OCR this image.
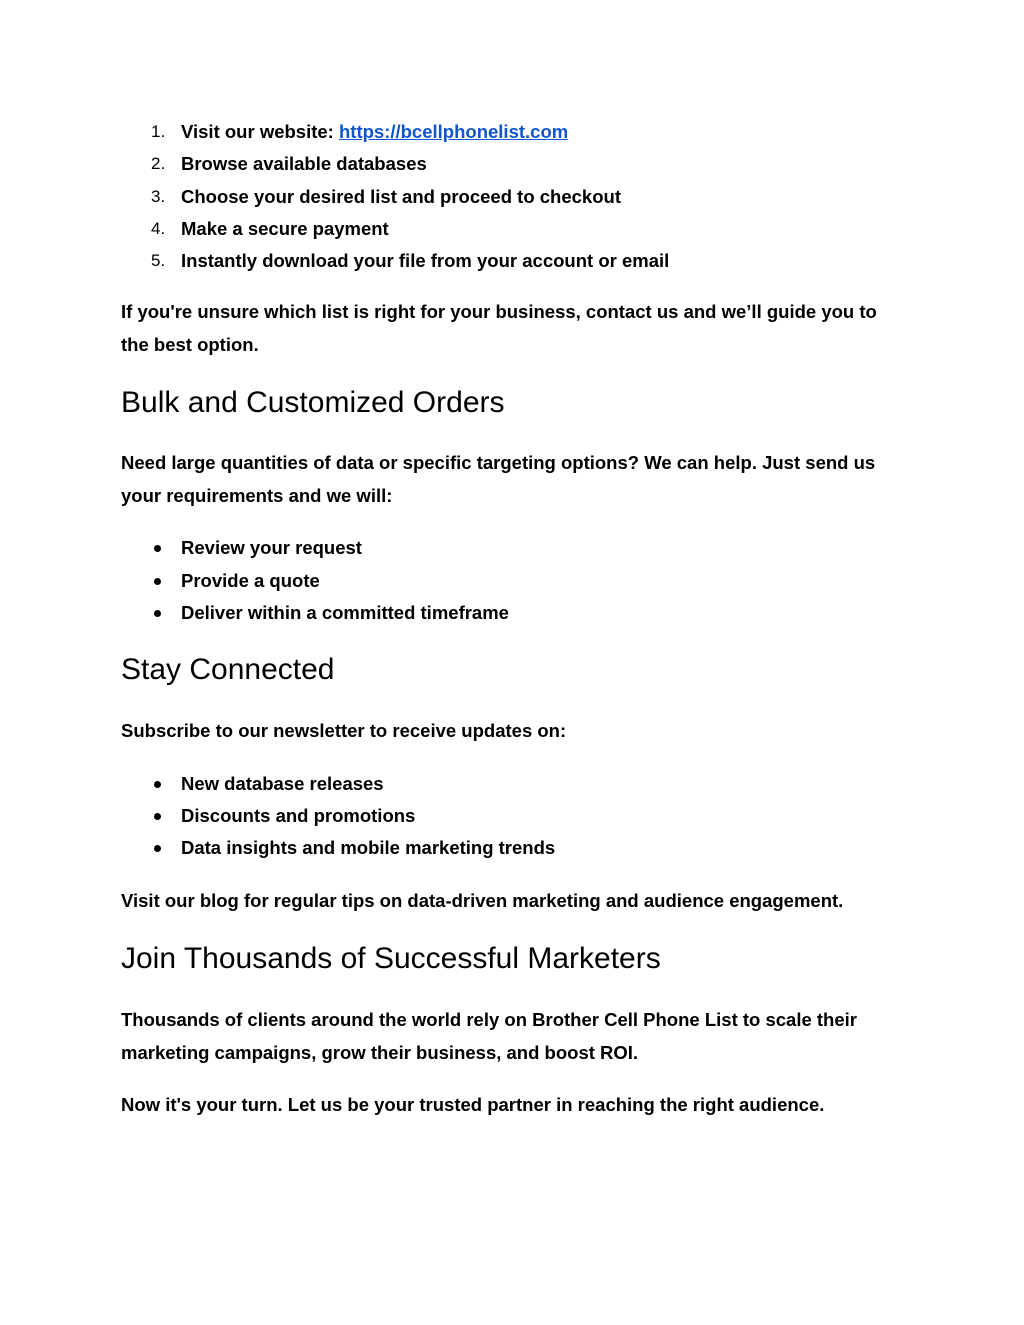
1. Visit our website: https://bcellphonelist.com
2. Browse available databases
3. Choose your desired list and proceed to checkout
4. Make a secure payment
5. Instantly download your file from your account or email

If you're unsure which list is right for your business, contact us and we’ll guide you to the best option.

Bulk and Customized Orders

Need large quantities of data or specific targeting options? We can help. Just send us your requirements and we will:

Review your request
Provide a quote
Deliver within a committed timeframe
Stay Connected

Subscribe to our newsletter to receive updates on:

New database releases
Discounts and promotions
Data insights and mobile marketing trends

Visit our blog for regular tips on data-driven marketing and audience engagement.

Join Thousands of Successful Marketers

Thousands of clients around the world rely on Brother Cell Phone List to scale their marketing campaigns, grow their business, and boost ROI.

Now it's your turn. Let us be your trusted partner in reaching the right audience.
